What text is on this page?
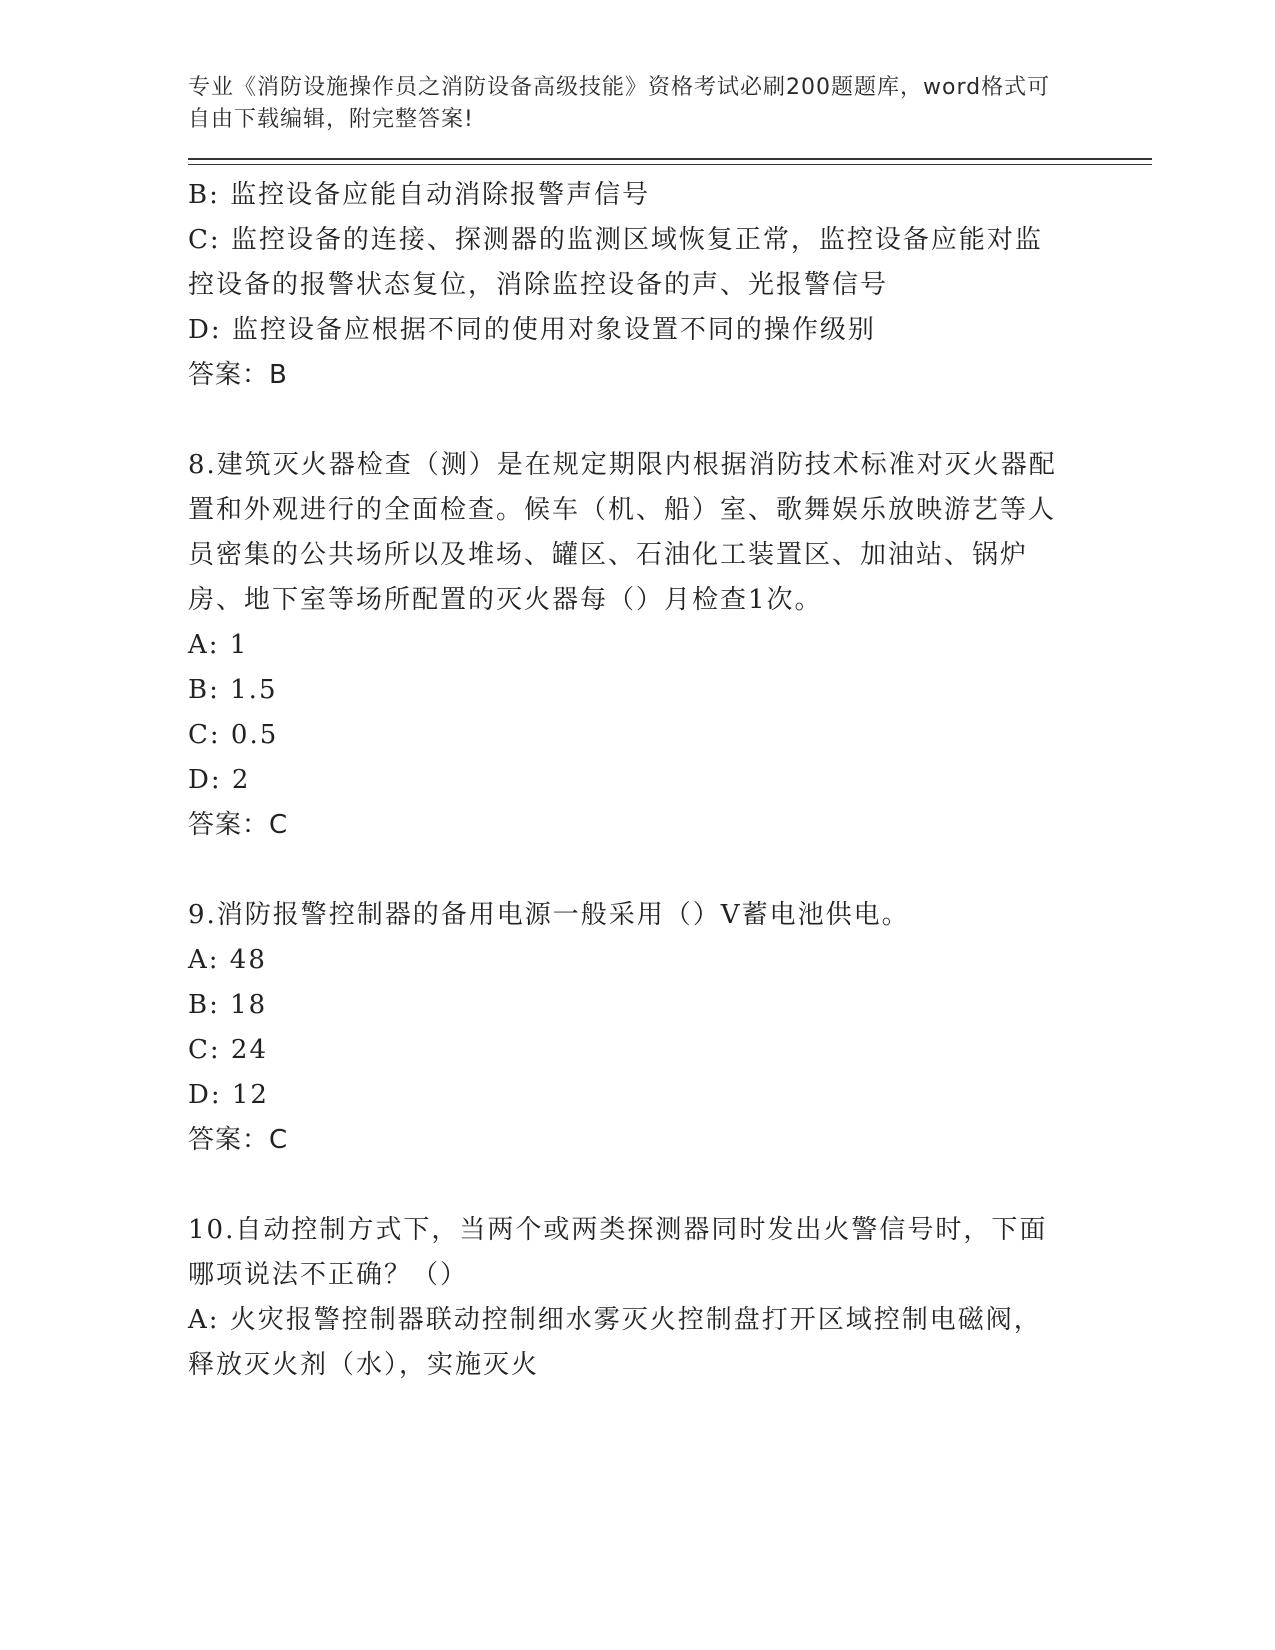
专业《消防设施操作员之消防设备高级技能》资格考试必刷200题题库，word格式可自由下载编辑，附完整答案!
B: 监控设备应能自动消除报警声信号
C: 监控设备的连接、探测器的监测区域恢复正常，监控设备应能对监控设备的报警状态复位，消除监控设备的声、光报警信号
D: 监控设备应根据不同的使用对象设置不同的操作级别
答案：B
8.建筑灭火器检查（测）是在规定期限内根据消防技术标准对灭火器配置和外观进行的全面检查。候车（机、船）室、歌舞娱乐放映游艺等人员密集的公共场所以及堆场、罐区、石油化工装置区、加油站、锅炉房、地下室等场所配置的灭火器每（）月检查1次。
A: 1
B: 1.5
C: 0.5
D: 2
答案：C
9.消防报警控制器的备用电源一般采用（）V蓄电池供电。
A: 48
B: 18
C: 24
D: 12
答案：C
10.自动控制方式下，当两个或两类探测器同时发出火警信号时，下面哪项说法不正确？（）
A: 火灾报警控制器联动控制细水雾灭火控制盘打开区域控制电磁阀，释放灭火剂（水），实施灭火
